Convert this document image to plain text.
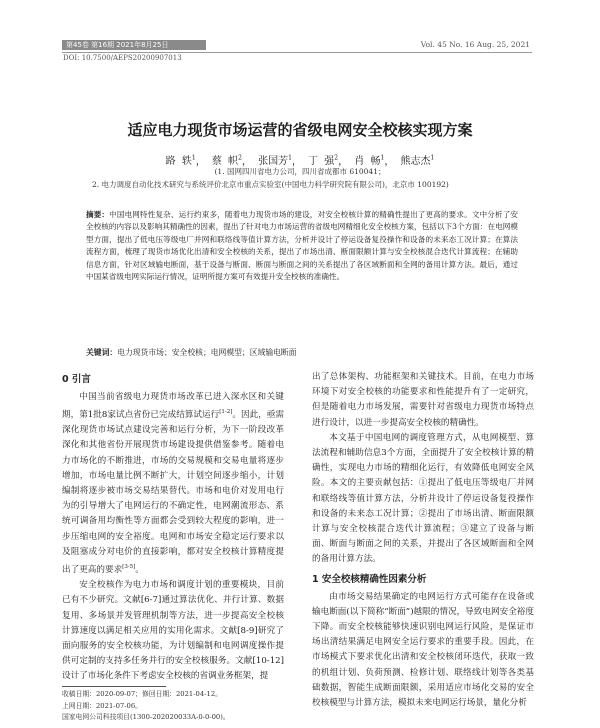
第45卷 第16期 2021年8月25日	Vol. 45 No. 16 Aug. 25, 2021
DOI: 10.7500/AEPS20200907013
适应电力现货市场运营的省级电网安全校核实现方案
路 轶$^1$， 蔡 帜$^2$， 张国芳$^1$， 丁 强$^2$， 肖 畅$^1$， 熊志杰$^1$
(1. 国网四川省电力公司，四川省成都市 610041；
2. 电力调度自动化技术研究与系统评价北京市重点实验室(中国电力科学研究院有限公司)，北京市 100192)
摘要：中国电网特性复杂、运行约束多，随着电力现货市场的建设，对安全校核计算的精确性提出了更高的要求。文中分析了安全校核的内容以及影响其精确性的因素，提出了针对电力市场运营的省级电网精细化安全校核方案，包括以下3个方面：在电网模型方面，提出了低电压等级电厂并网和联络线等值计算方法，分析并设计了停运设备复役操作和设备的未来态工况计算；在算法流程方面，梳理了现货市场优化出清和安全校核的关系，提出了市场出清、断面限额计算与安全校核混合迭代计算流程；在辅助信息方面，针对区域输电断面，基于设备与断面、断面与断面之间的关系提出了各区域断面和全网的备用计算方法。最后，通过中国某省级电网实际运行情况，证明所提方案可有效提升安全校核的准确性。
关键词：电力现货市场；安全校核；电网模型；区域输电断面
0 引言

中国当前省级电力现货市场改革已进入深水区和关键期，第1批8家试点省份已完成结算试运行[1-2]。因此，亟需深化现货市场试点建设完善和运行分析，为下一阶段改革深化和其他省份开展现货市场建设提供借鉴参考。随着电力市场化的不断推进，市场的交易规模和交易电量将逐步增加，市场电量比例不断扩大，计划空间逐步缩小，计划编制将逐步被市场交易结果替代。市场和电价对发用电行为的引导增大了电网运行的不确定性，电网潮流形态、系统可调备用均衡性等方面都会受到较大程度的影响，进一步压缩电网的安全裕度。电网和市场安全稳定运行要求以及阻塞成分对电价的直接影响，都对安全校核计算精度提出了更高的要求[3-5]。

安全校核作为电力市场和调度计划的重要模块，目前已有不少研究。文献[6-7]通过算法优化、并行计算、数据复用、多场景并发管理机制等方法，进一步提高安全校核计算速度以满足相关应用的实用化需求。文献[8-9]研究了面向服务的安全校核功能，为计划编制和电网调度操作提供可定制的支持多任务并行的安全校核服务。文献[10-12]设计了市场化条件下考虑安全校核的省调业务框架，提

出了总体架构、功能框架和关键技术。目前，在电力市场环境下对安全校核的功能要求和性能提升有了一定研究，但是随着电力市场发展，需要针对省级电力现货市场特点进行设计，以进一步提高安全校核的精确性。

本文基于中国电网的调度管理方式，从电网模型、算法流程和辅助信息3个方面，全面提升了安全校核计算的精确性，实现电力市场的精细化运行，有效降低电网安全风险。本文的主要贡献包括：①提出了低电压等级电厂并网和联络线等值计算方法，分析并设计了停运设备复役操作和设备的未来态工况计算；②提出了市场出清、断面限额计算与安全校核混合迭代计算流程；③建立了设备与断面、断面与断面之间的关系，并提出了各区域断面和全网的备用计算方法。

1 安全校核精确性因素分析

由市场交易结果确定的电网运行方式可能存在设备或输电断面(以下简称“断面”)越限的情况，导致电网安全裕度下降。而安全校核能够快速识别电网运行风险，是保证市场出清结果满足电网安全运行要求的重要手段。因此，在市场模式下要求优化出清和安全校核闭环迭代，获取一致的机组计划、负荷预测、检修计划、联络线计划等各类基础数据，智能生成断面限额，采用适应市场化交易的安全校核模型与计算方法，模拟未来电网运行场景，量化分析

收稿日期：2020-09-07；修回日期：2021-04-12。
上网日期：2021-07-06。
国家电网公司科技项目(1300-202020033A-0-0-00)。
